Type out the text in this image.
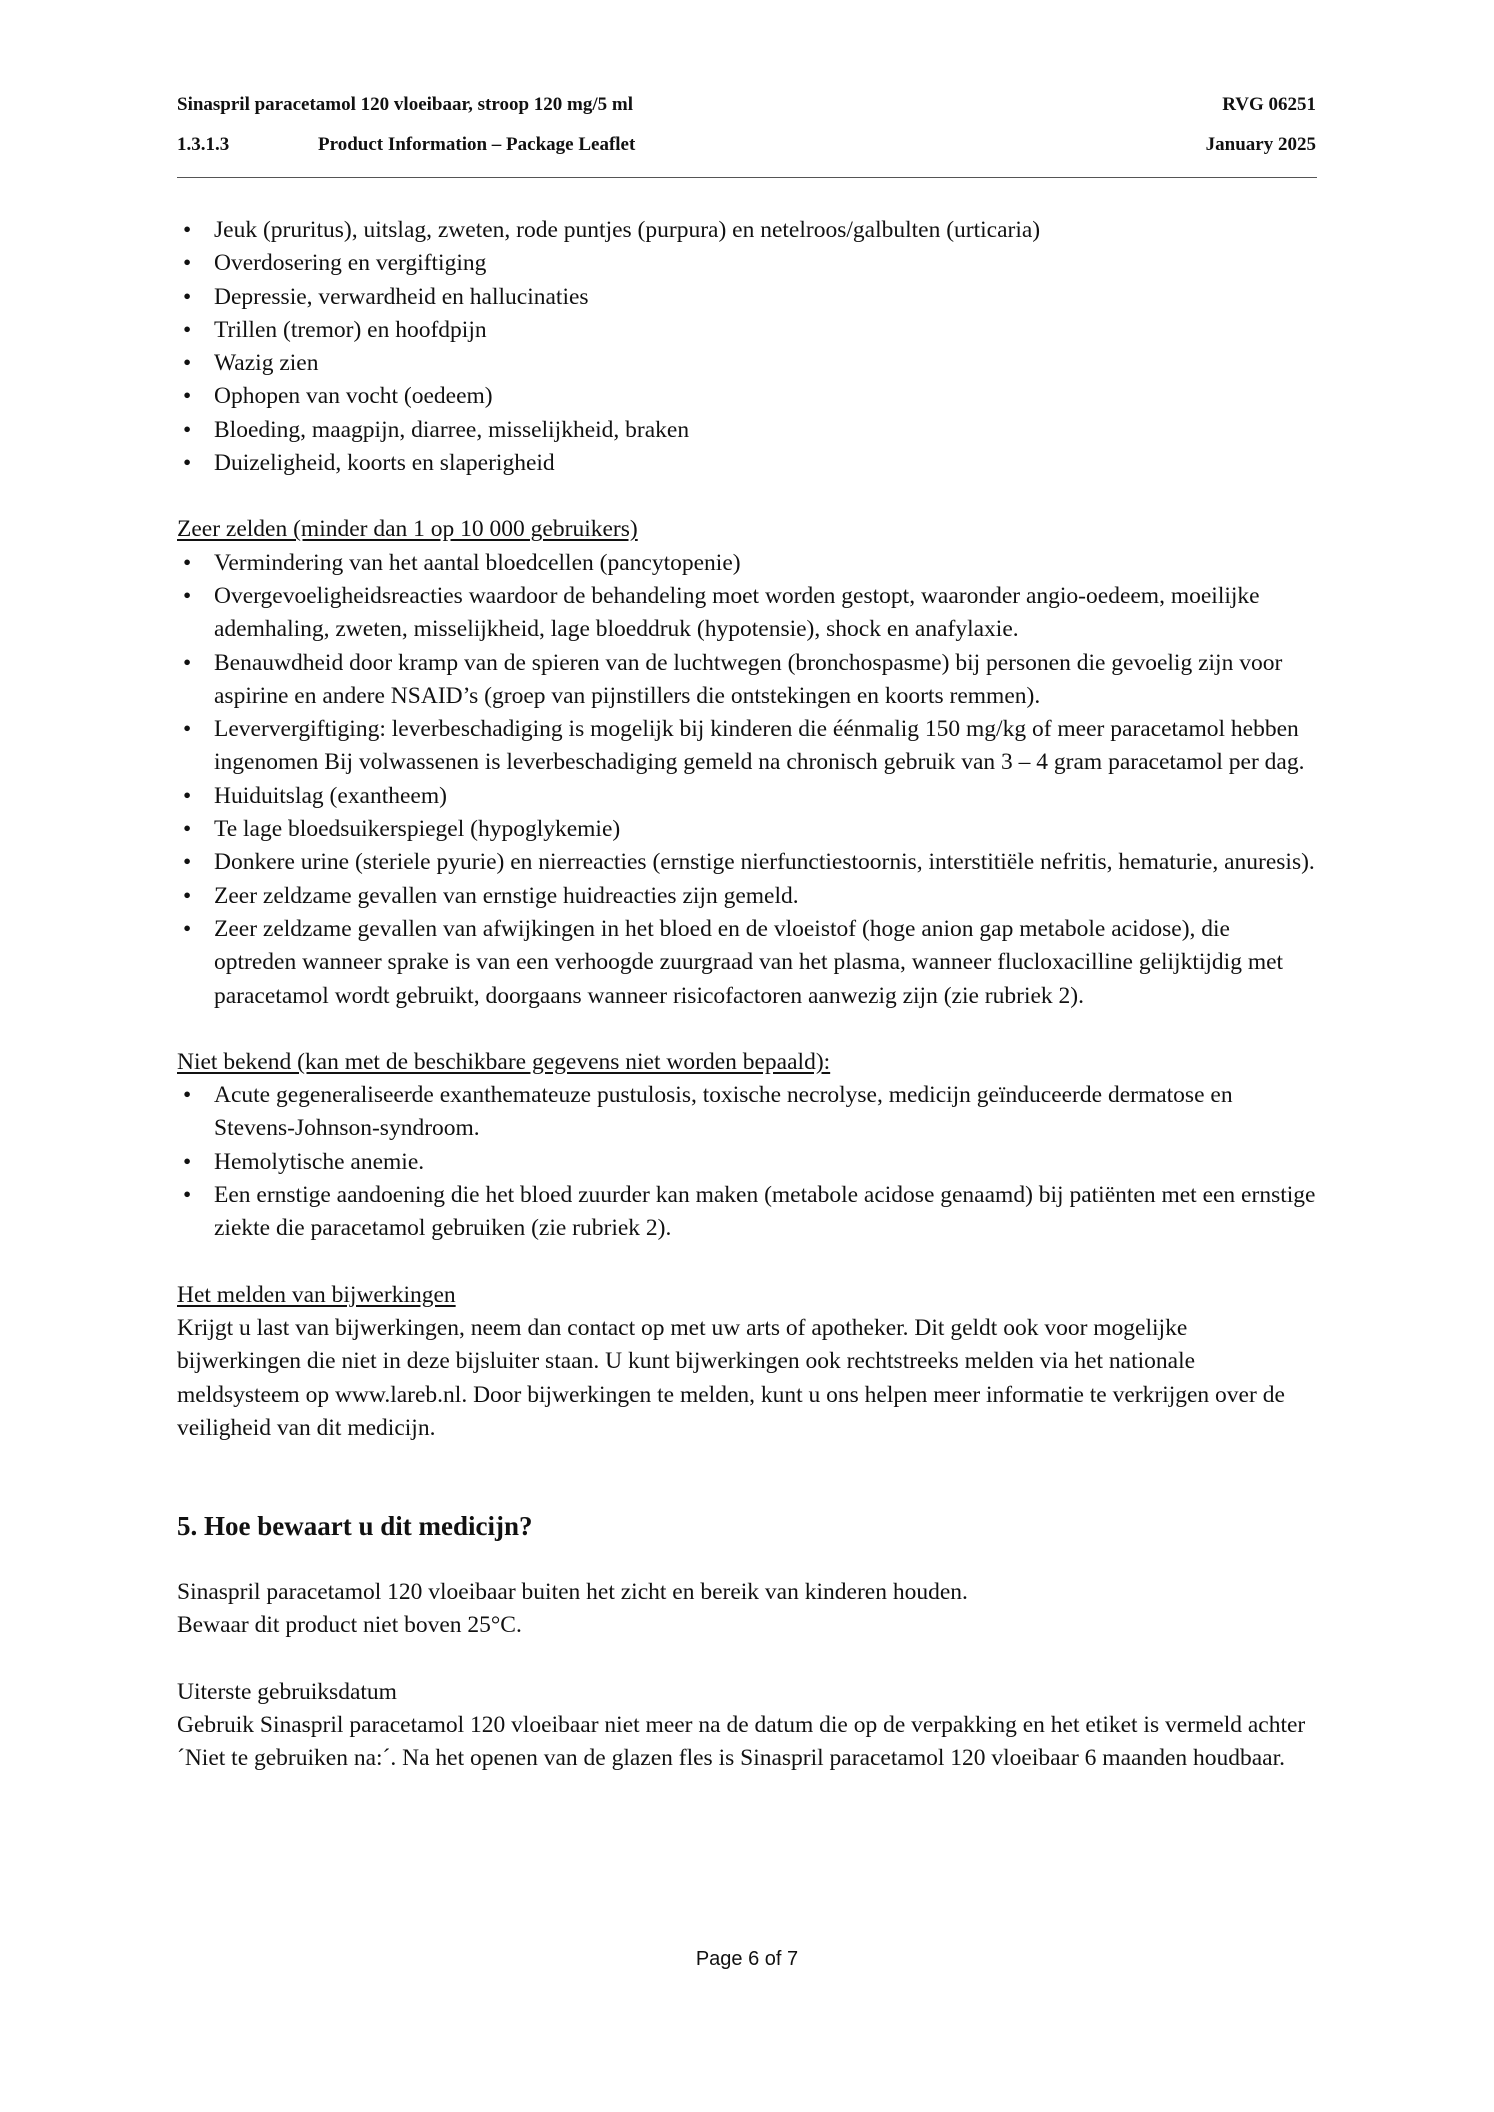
Sinaspril paracetamol 120 vloeibaar, stroop 120 mg/5 ml	RVG 06251
1.3.1.3	Product Information – Package Leaflet	January 2025
• Jeuk (pruritus), uitslag, zweten, rode puntjes (purpura) en netelroos/galbulten (urticaria)
• Overdosering en vergiftiging
• Depressie, verwardheid en hallucinaties
• Trillen (tremor) en hoofdpijn
• Wazig zien
• Ophopen van vocht (oedeem)
• Bloeding, maagpijn, diarree, misselijkheid, braken
• Duizeligheid, koorts en slaperigheid
Zeer zelden (minder dan 1 op 10 000 gebruikers)
• Vermindering van het aantal bloedcellen (pancytopenie)
• Overgevoeligheidsreacties waardoor de behandeling moet worden gestopt, waaronder angio-oedeem, moeilijke ademhaling, zweten, misselijkheid, lage bloeddruk (hypotensie), shock en anafylaxie.
• Benauwdheid door kramp van de spieren van de luchtwegen (bronchospasme) bij personen die gevoelig zijn voor aspirine en andere NSAID’s (groep van pijnstillers die ontstekingen en koorts remmen).
• Leververgiftiging: leverbeschadiging is mogelijk bij kinderen die éénmalig 150 mg/kg of meer paracetamol hebben ingenomen Bij volwassenen is leverbeschadiging gemeld na chronisch gebruik van 3 – 4 gram paracetamol per dag.
• Huiduitslag (exantheem)
• Te lage bloedsuikerspiegel (hypoglykemie)
• Donkere urine (steriele pyurie) en nierreacties (ernstige nierfunctiestoornis, interstitiële nefritis, hematurie, anuresis).
• Zeer zeldzame gevallen van ernstige huidreacties zijn gemeld.
• Zeer zeldzame gevallen van afwijkingen in het bloed en de vloeistof (hoge anion gap metabole acidose), die optreden wanneer sprake is van een verhoogde zuurgraad van het plasma, wanneer flucloxacilline gelijktijdig met paracetamol wordt gebruikt, doorgaans wanneer risicofactoren aanwezig zijn (zie rubriek 2).
Niet bekend (kan met de beschikbare gegevens niet worden bepaald):
• Acute gegeneraliseerde exanthemateuze pustulosis, toxische necrolyse, medicijn geïnduceerde dermatose en Stevens-Johnson-syndroom.
• Hemolytische anemie.
• Een ernstige aandoening die het bloed zuurder kan maken (metabole acidose genaamd) bij patiënten met een ernstige ziekte die paracetamol gebruiken (zie rubriek 2).
Het melden van bijwerkingen

Krijgt u last van bijwerkingen, neem dan contact op met uw arts of apotheker. Dit geldt ook voor mogelijke bijwerkingen die niet in deze bijsluiter staan. U kunt bijwerkingen ook rechtstreeks melden via het nationale meldsysteem op www.lareb.nl. Door bijwerkingen te melden, kunt u ons helpen meer informatie te verkrijgen over de veiligheid van dit medicijn.

5. Hoe bewaart u dit medicijn?
Sinaspril paracetamol 120 vloeibaar buiten het zicht en bereik van kinderen houden.
Bewaar dit product niet boven 25°C.
Uiterste gebruiksdatum

Gebruik Sinaspril paracetamol 120 vloeibaar niet meer na de datum die op de verpakking en het etiket is vermeld achter ´Niet te gebruiken na:´. Na het openen van de glazen fles is Sinaspril paracetamol 120 vloeibaar 6 maanden houdbaar.

Page 6 of 7
